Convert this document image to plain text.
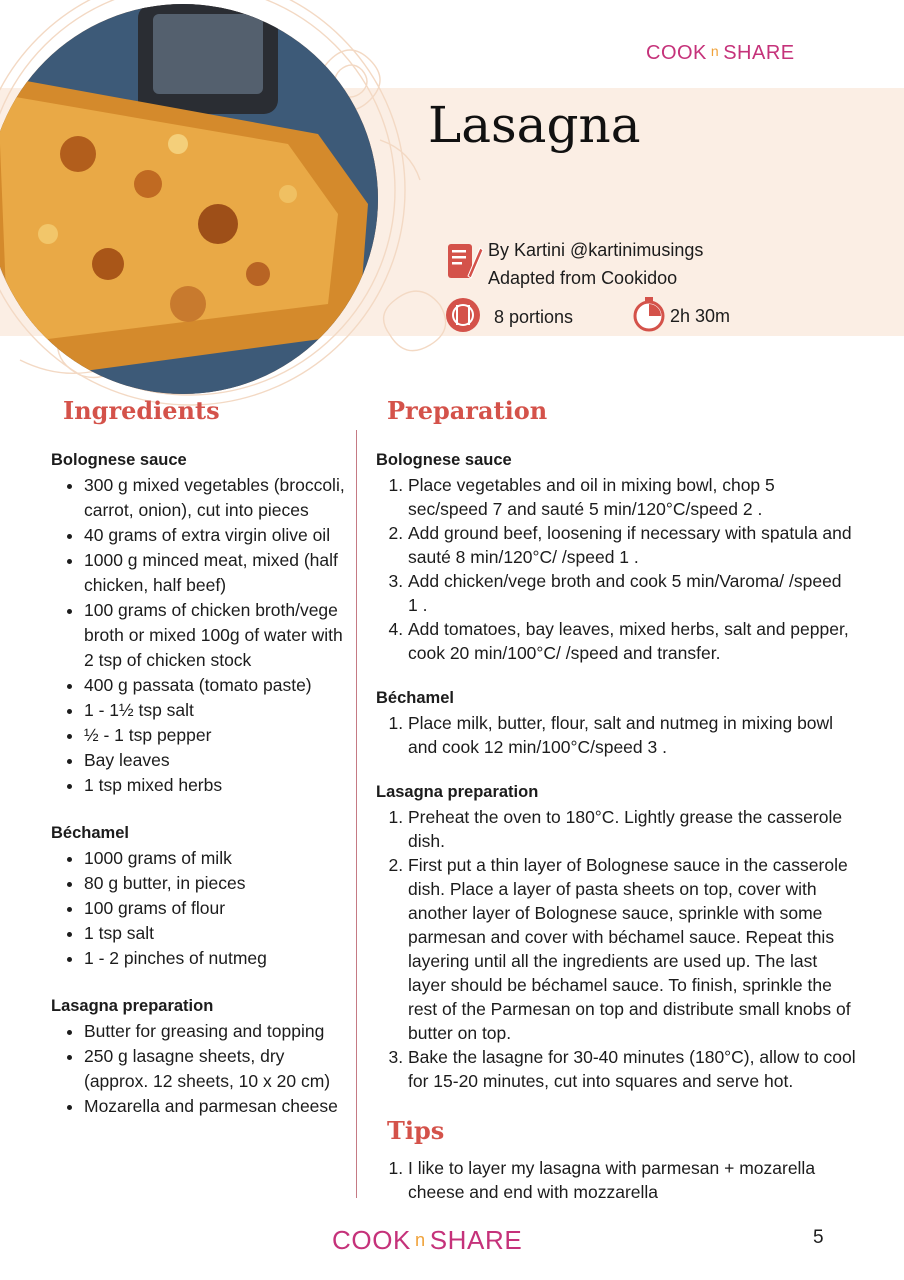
COOK n SHARE
Lasagna
By Kartini @kartinimusings
Adapted from Cookidoo
8 portions	2h 30m
Ingredients	Preparation

Bolognese sauce

• 300 g mixed vegetables (broccoli, carrot, onion), cut into pieces
• 40 grams of extra virgin olive oil
• 1000 g minced meat, mixed (half chicken, half beef)
• 100 grams of chicken broth/vege broth or mixed 100g of water with 2 tsp of chicken stock
• 400 g passata (tomato paste)
• 1 - 1½ tsp salt
• ½ - 1 tsp pepper
• Bay leaves
• 1 tsp mixed herbs

Béchamel

• 1000 grams of milk
• 80 g butter, in pieces
• 100 grams of flour
• 1 tsp salt
• 1 - 2 pinches of nutmeg

Lasagna preparation

• Butter for greasing and topping
• 250 g lasagne sheets, dry (approx. 12 sheets, 10 x 20 cm)
• Mozarella and parmesan cheese

Bolognese sauce

1. Place vegetables and oil in mixing bowl, chop 5 sec/speed 7 and sauté 5 min/120°C/speed 2 .
2. Add ground beef, loosening if necessary with spatula and sauté 8 min/120°C/ /speed 1 .
3. Add chicken/vege broth and cook 5 min/Varoma/ /speed 1 .
4. Add tomatoes, bay leaves, mixed herbs, salt and pepper, cook 20 min/100°C/ /speed and transfer.

Béchamel

1. Place milk, butter, flour, salt and nutmeg in mixing bowl and cook 12 min/100°C/speed 3 .

Lasagna preparation

1. Preheat the oven to 180°C. Lightly grease the casserole dish.
2. First put a thin layer of Bolognese sauce in the casserole dish. Place a layer of pasta sheets on top, cover with another layer of Bolognese sauce, sprinkle with some parmesan and cover with béchamel sauce. Repeat this layering until all the ingredients are used up. The last layer should be béchamel sauce. To finish, sprinkle the rest of the Parmesan on top and distribute small knobs of butter on top.
3. Bake the lasagne for 30-40 minutes (180°C), allow to cool for 15-20 minutes, cut into squares and serve hot.
Tips
1. I like to layer my lasagna with parmesan + mozarella cheese and end with mozzarella
COOK n SHARE	5
